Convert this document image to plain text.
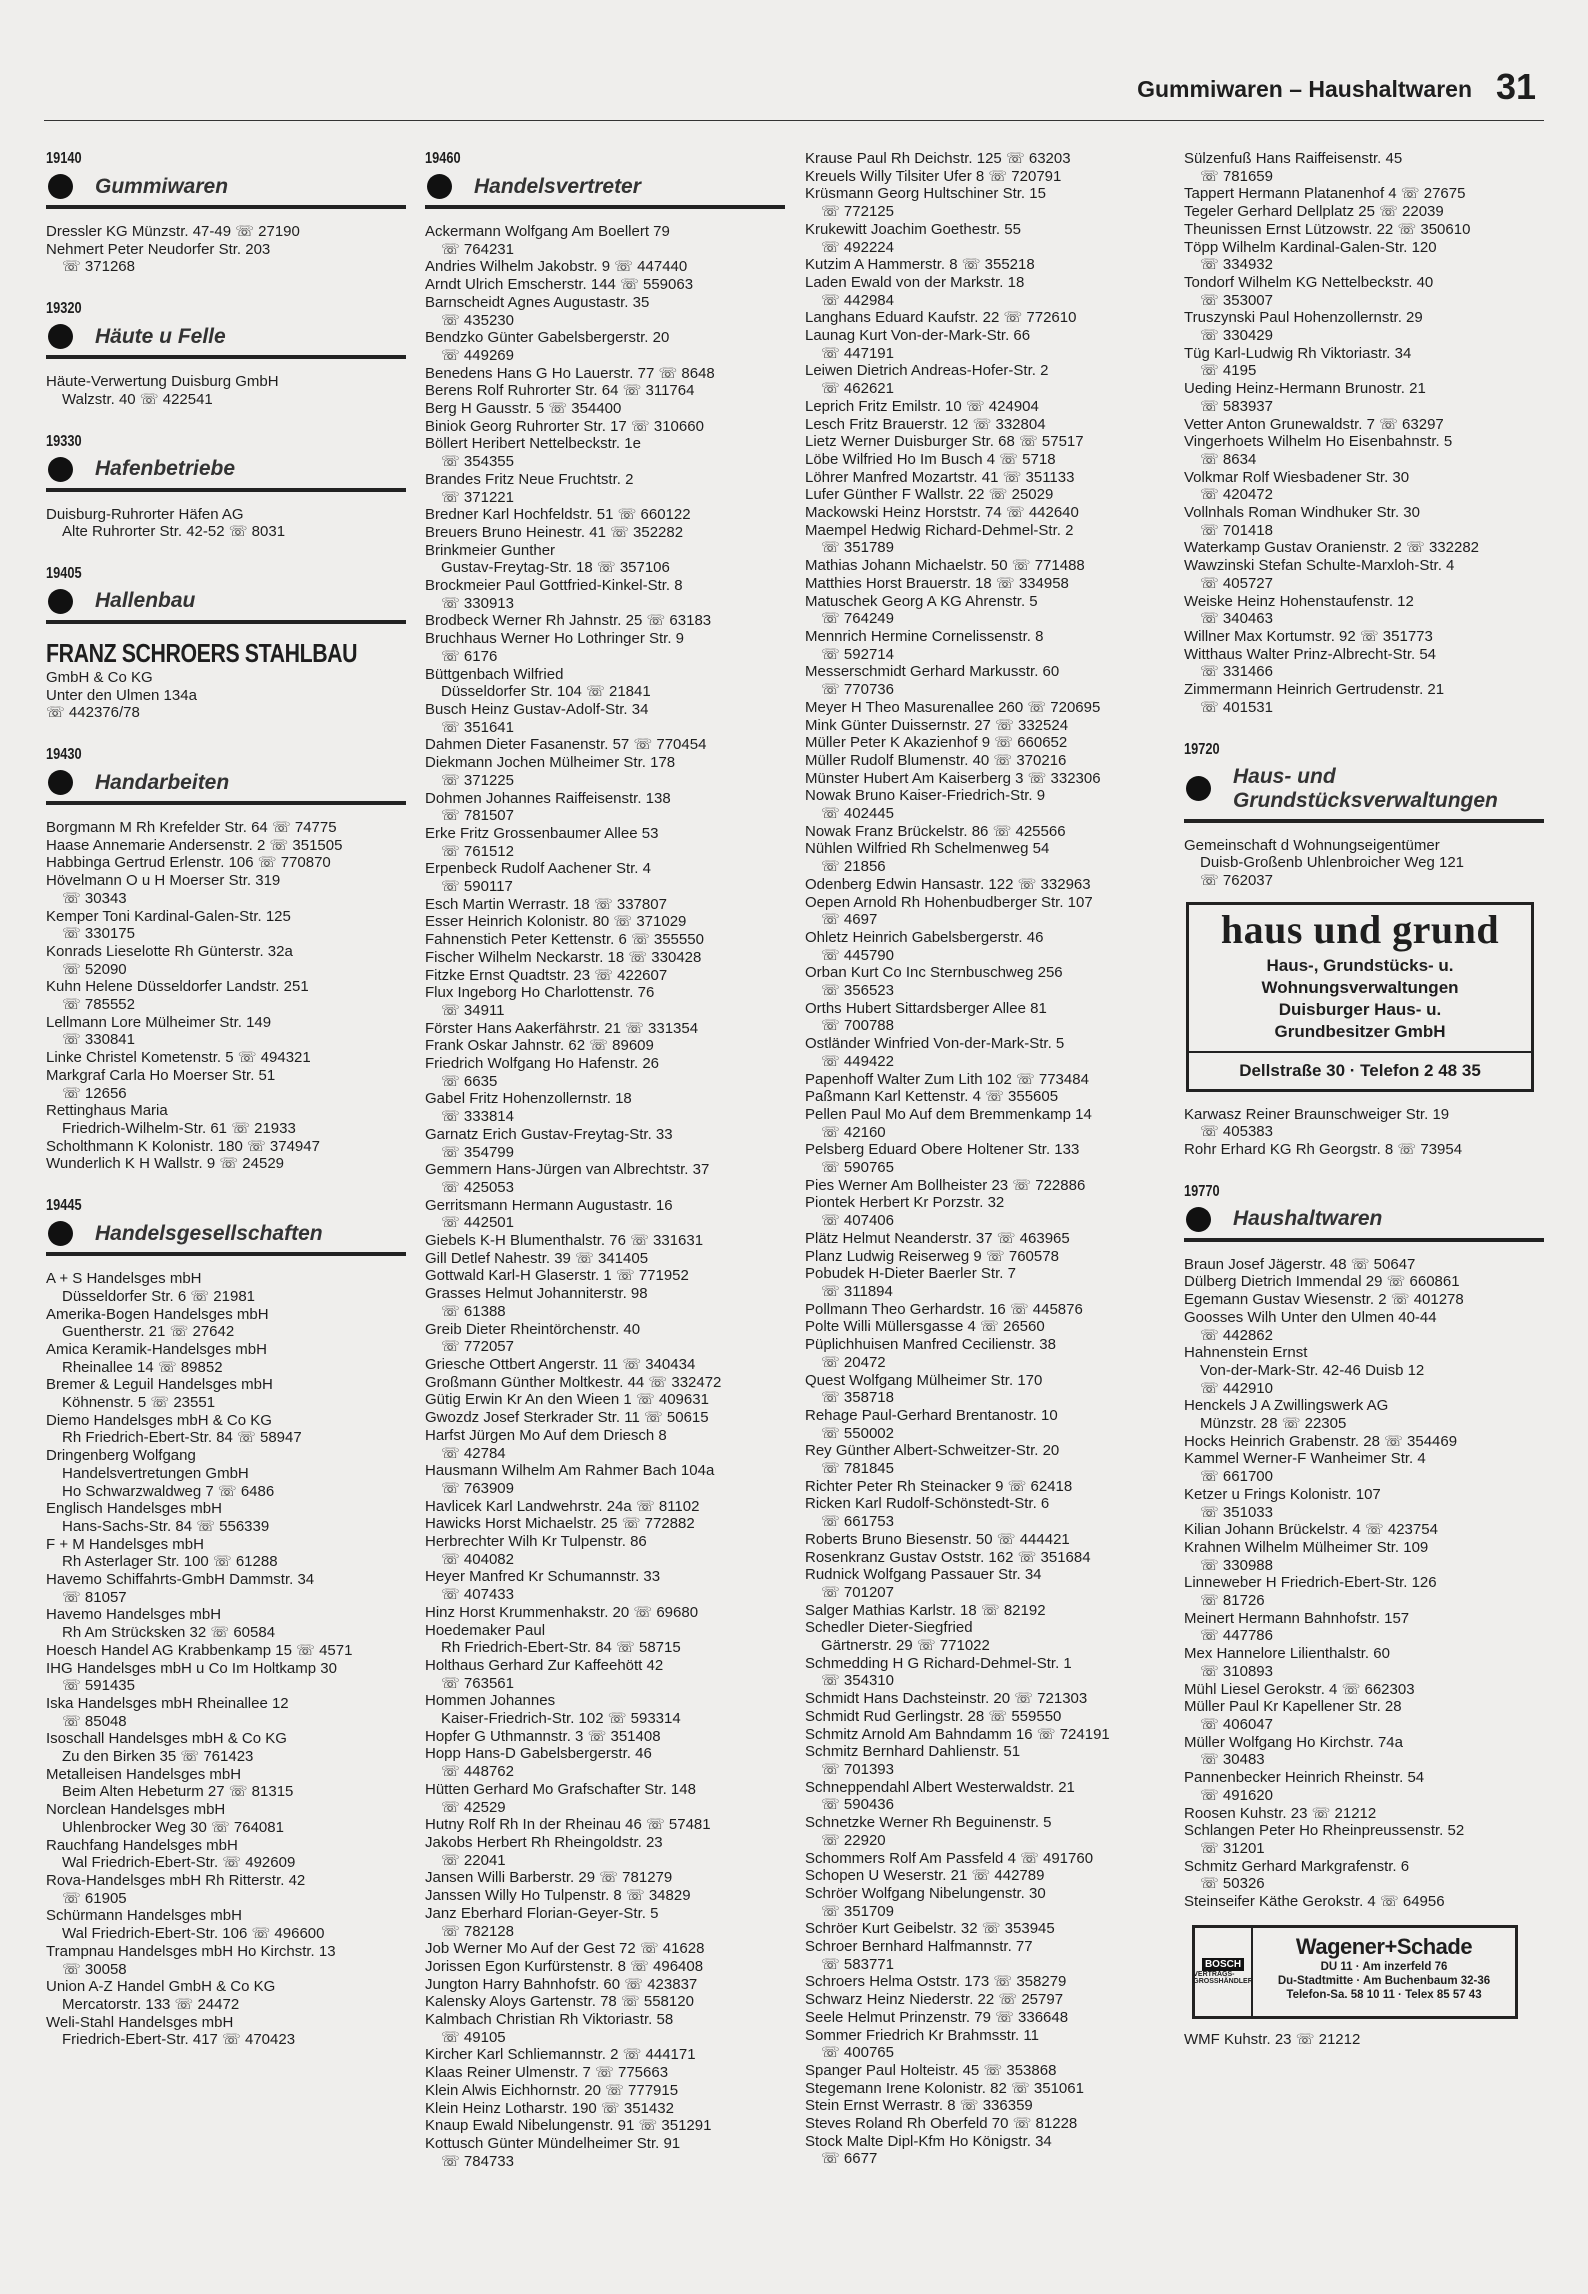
Gummiwaren – Haushaltwaren 31
19140
Gummiwaren
Dressler KG Münzstr. 47-49 ☏ 27190
Nehmert Peter Neudorfer Str. 203
☏ 371268
19320
Häute u Felle
Häute-Verwertung Duisburg GmbH
Walzstr. 40 ☏ 422541
19330
Hafenbetriebe
Duisburg-Ruhrorter Häfen AG
Alte Ruhrorter Str. 42-52 ☏ 8031
19405
Hallenbau
FRANZ SCHROERS STAHLBAU
GmbH & Co KG
Unter den Ulmen 134a
☏ 442376/78
19430
Handarbeiten
Borgmann M Rh Krefelder Str. 64 ☏ 74775
Haase Annemarie Andersenstr. 2 ☏ 351505
Habbinga Gertrud Erlenstr. 106 ☏ 770870
Hövelmann O u H Moerser Str. 319
☏ 30343
Kemper Toni Kardinal-Galen-Str. 125
☏ 330175
Konrads Lieselotte Rh Günterstr. 32a
☏ 52090
Kuhn Helene Düsseldorfer Landstr. 251
☏ 785552
Lellmann Lore Mülheimer Str. 149
☏ 330841
Linke Christel Kometenstr. 5 ☏ 494321
Markgraf Carla Ho Moerser Str. 51
☏ 12656
Rettinghaus Maria
Friedrich-Wilhelm-Str. 61 ☏ 21933
Scholthmann K Kolonistr. 180 ☏ 374947
Wunderlich K H Wallstr. 9 ☏ 24529
19445
Handelsgesellschaften
A + S Handelsges mbH
Düsseldorfer Str. 6 ☏ 21981
Amerika-Bogen Handelsges mbH
Guentherstr. 21 ☏ 27642
Amica Keramik-Handelsges mbH
Rheinallee 14 ☏ 89852
Bremer & Leguil Handelsges mbH
Köhnenstr. 5 ☏ 23551
Diemo Handelsges mbH & Co KG
Rh Friedrich-Ebert-Str. 84 ☏ 58947
Dringenberg Wolfgang
Handelsvertretungen GmbH
Ho Schwarzwaldweg 7 ☏ 6486
Englisch Handelsges mbH
Hans-Sachs-Str. 84 ☏ 556339
F + M Handelsges mbH
Rh Asterlager Str. 100 ☏ 61288
Havemo Schiffahrts-GmbH Dammstr. 34
☏ 81057
Havemo Handelsges mbH
Rh Am Strücksken 32 ☏ 60584
Hoesch Handel AG Krabbenkamp 15 ☏ 4571
IHG Handelsges mbH u Co Im Holtkamp 30
☏ 591435
Iska Handelsges mbH Rheinallee 12
☏ 85048
Isoschall Handelsges mbH & Co KG
Zu den Birken 35 ☏ 761423
Metalleisen Handelsges mbH
Beim Alten Hebeturm 27 ☏ 81315
Norclean Handelsges mbH
Uhlenbrocker Weg 30 ☏ 764081
Rauchfang Handelsges mbH
Wal Friedrich-Ebert-Str. ☏ 492609
Rova-Handelsges mbH Rh Ritterstr. 42
☏ 61905
Schürmann Handelsges mbH
Wal Friedrich-Ebert-Str. 106 ☏ 496600
Trampnau Handelsges mbH Ho Kirchstr. 13
☏ 30058
Union A-Z Handel GmbH & Co KG
Mercatorstr. 133 ☏ 24472
Weli-Stahl Handelsges mbH
Friedrich-Ebert-Str. 417 ☏ 470423
19460
Handelsvertreter
Ackermann Wolfgang Am Boellert 79
☏ 764231
Andries Wilhelm Jakobstr. 9 ☏ 447440
Arndt Ulrich Emscherstr. 144 ☏ 559063
Barnscheidt Agnes Augustastr. 35
☏ 435230
Bendzko Günter Gabelsbergerstr. 20
☏ 449269
Benedens Hans G Ho Lauerstr. 77 ☏ 8648
Berens Rolf Ruhrorter Str. 64 ☏ 311764
Berg H Gausstr. 5 ☏ 354400
Biniok Georg Ruhrorter Str. 17 ☏ 310660
Böllert Heribert Nettelbeckstr. 1e
☏ 354355
Brandes Fritz Neue Fruchtstr. 2
☏ 371221
Bredner Karl Hochfeldstr. 51 ☏ 660122
Breuers Bruno Heinestr. 41 ☏ 352282
Brinkmeier Gunther
Gustav-Freytag-Str. 18 ☏ 357106
Brockmeier Paul Gottfried-Kinkel-Str. 8
☏ 330913
Brodbeck Werner Rh Jahnstr. 25 ☏ 63183
Bruchhaus Werner Ho Lothringer Str. 9
☏ 6176
Büttgenbach Wilfried
Düsseldorfer Str. 104 ☏ 21841
Busch Heinz Gustav-Adolf-Str. 34
☏ 351641
Dahmen Dieter Fasanenstr. 57 ☏ 770454
Diekmann Jochen Mülheimer Str. 178
☏ 371225
Dohmen Johannes Raiffeisenstr. 138
☏ 781507
Erke Fritz Grossenbaumer Allee 53
☏ 761512
Erpenbeck Rudolf Aachener Str. 4
☏ 590117
Esch Martin Werrastr. 18 ☏ 337807
Esser Heinrich Kolonistr. 80 ☏ 371029
Fahnenstich Peter Kettenstr. 6 ☏ 355550
Fischer Wilhelm Neckarstr. 18 ☏ 330428
Fitzke Ernst Quadtstr. 23 ☏ 422607
Flux Ingeborg Ho Charlottenstr. 76
☏ 34911
Förster Hans Aakerfährstr. 21 ☏ 331354
Frank Oskar Jahnstr. 62 ☏ 89609
Friedrich Wolfgang Ho Hafenstr. 26
☏ 6635
Gabel Fritz Hohenzollernstr. 18
☏ 333814
Garnatz Erich Gustav-Freytag-Str. 33
☏ 354799
Gemmern Hans-Jürgen van Albrechtstr. 37
☏ 425053
Gerritsmann Hermann Augustastr. 16
☏ 442501
Giebels K-H Blumenthalstr. 76 ☏ 331631
Gill Detlef Nahestr. 39 ☏ 341405
Gottwald Karl-H Glaserstr. 1 ☏ 771952
Grasses Helmut Johanniterstr. 98
☏ 61388
Greib Dieter Rheintörchenstr. 40
☏ 772057
Griesche Ottbert Angerstr. 11 ☏ 340434
Großmann Günther Moltkestr. 44 ☏ 332472
Gütig Erwin Kr An den Wieen 1 ☏ 409631
Gwozdz Josef Sterkrader Str. 11 ☏ 50615
Harfst Jürgen Mo Auf dem Driesch 8
☏ 42784
Hausmann Wilhelm Am Rahmer Bach 104a
☏ 763909
Havlicek Karl Landwehrstr. 24a ☏ 81102
Hawicks Horst Michaelstr. 25 ☏ 772882
Herbrechter Wilh Kr Tulpenstr. 86
☏ 404082
Heyer Manfred Kr Schumannstr. 33
☏ 407433
Hinz Horst Krummenhakstr. 20 ☏ 69680
Hoedemaker Paul
Rh Friedrich-Ebert-Str. 84 ☏ 58715
Holthaus Gerhard Zur Kaffeehött 42
☏ 763561
Hommen Johannes
Kaiser-Friedrich-Str. 102 ☏ 593314
Hopfer G Uthmannstr. 3 ☏ 351408
Hopp Hans-D Gabelsbergerstr. 46
☏ 448762
Hütten Gerhard Mo Grafschafter Str. 148
☏ 42529
Hutny Rolf Rh In der Rheinau 46 ☏ 57481
Jakobs Herbert Rh Rheingoldstr. 23
☏ 22041
Jansen Willi Barberstr. 29 ☏ 781279
Janssen Willy Ho Tulpenstr. 8 ☏ 34829
Janz Eberhard Florian-Geyer-Str. 5
☏ 782128
Job Werner Mo Auf der Gest 72 ☏ 41628
Jorissen Egon Kurfürstenstr. 8 ☏ 496408
Jungton Harry Bahnhofstr. 60 ☏ 423837
Kalensky Aloys Gartenstr. 78 ☏ 558120
Kalmbach Christian Rh Viktoriastr. 58
☏ 49105
Kircher Karl Schliemannstr. 2 ☏ 444171
Klaas Reiner Ulmenstr. 7 ☏ 775663
Klein Alwis Eichhornstr. 20 ☏ 777915
Klein Heinz Lotharstr. 190 ☏ 351432
Knaup Ewald Nibelungenstr. 91 ☏ 351291
Kottusch Günter Mündelheimer Str. 91
☏ 784733
Krause Paul Rh Deichstr. 125 ☏ 63203
Kreuels Willy Tilsiter Ufer 8 ☏ 720791
Krüsmann Georg Hultschiner Str. 15
☏ 772125
Krukewitt Joachim Goethestr. 55
☏ 492224
Kutzim A Hammerstr. 8 ☏ 355218
Laden Ewald von der Markstr. 18
☏ 442984
Langhans Eduard Kaufstr. 22 ☏ 772610
Launag Kurt Von-der-Mark-Str. 66
☏ 447191
Leiwen Dietrich Andreas-Hofer-Str. 2
☏ 462621
Leprich Fritz Emilstr. 10 ☏ 424904
Lesch Fritz Brauerstr. 12 ☏ 332804
Lietz Werner Duisburger Str. 68 ☏ 57517
Löbe Wilfried Ho Im Busch 4 ☏ 5718
Löhrer Manfred Mozartstr. 41 ☏ 351133
Lufer Günther F Wallstr. 22 ☏ 25029
Mackowski Heinz Horststr. 74 ☏ 442640
Maempel Hedwig Richard-Dehmel-Str. 2
☏ 351789
Mathias Johann Michaelstr. 50 ☏ 771488
Matthies Horst Brauerstr. 18 ☏ 334958
Matuschek Georg A KG Ahrenstr. 5
☏ 764249
Mennrich Hermine Cornelissenstr. 8
☏ 592714
Messerschmidt Gerhard Markusstr. 60
☏ 770736
Meyer H Theo Masurenallee 260 ☏ 720695
Mink Günter Duissernstr. 27 ☏ 332524
Müller Peter K Akazienhof 9 ☏ 660652
Müller Rudolf Blumenstr. 40 ☏ 370216
Münster Hubert Am Kaiserberg 3 ☏ 332306
Nowak Bruno Kaiser-Friedrich-Str. 9
☏ 402445
Nowak Franz Brückelstr. 86 ☏ 425566
Nühlen Wilfried Rh Schelmenweg 54
☏ 21856
Odenberg Edwin Hansastr. 122 ☏ 332963
Oepen Arnold Rh Hohenbudberger Str. 107
☏ 4697
Ohletz Heinrich Gabelsbergerstr. 46
☏ 445790
Orban Kurt Co Inc Sternbuschweg 256
☏ 356523
Orths Hubert Sittardsberger Allee 81
☏ 700788
Ostländer Winfried Von-der-Mark-Str. 5
☏ 449422
Papenhoff Walter Zum Lith 102 ☏ 773484
Paßmann Karl Kettenstr. 4 ☏ 355605
Pellen Paul Mo Auf dem Bremmenkamp 14
☏ 42160
Pelsberg Eduard Obere Holtener Str. 133
☏ 590765
Pies Werner Am Bollheister 23 ☏ 722886
Piontek Herbert Kr Porzstr. 32
☏ 407406
Plätz Helmut Neanderstr. 37 ☏ 463965
Planz Ludwig Reiserweg 9 ☏ 760578
Pobudek H-Dieter Baerler Str. 7
☏ 311894
Pollmann Theo Gerhardstr. 16 ☏ 445876
Polte Willi Müllersgasse 4 ☏ 26560
Püplichhuisen Manfred Cecilienstr. 38
☏ 20472
Quest Wolfgang Mülheimer Str. 170
☏ 358718
Rehage Paul-Gerhard Brentanostr. 10
☏ 550002
Rey Günther Albert-Schweitzer-Str. 20
☏ 781845
Richter Peter Rh Steinacker 9 ☏ 62418
Ricken Karl Rudolf-Schönstedt-Str. 6
☏ 661753
Roberts Bruno Biesenstr. 50 ☏ 444421
Rosenkranz Gustav Oststr. 162 ☏ 351684
Rudnick Wolfgang Passauer Str. 34
☏ 701207
Salger Mathias Karlstr. 18 ☏ 82192
Schedler Dieter-Siegfried
Gärtnerstr. 29 ☏ 771022
Schmedding H G Richard-Dehmel-Str. 1
☏ 354310
Schmidt Hans Dachsteinstr. 20 ☏ 721303
Schmidt Rud Gerlingstr. 28 ☏ 559550
Schmitz Arnold Am Bahndamm 16 ☏ 724191
Schmitz Bernhard Dahlienstr. 51
☏ 701393
Schneppendahl Albert Westerwaldstr. 21
☏ 590436
Schnetzke Werner Rh Beguinenstr. 5
☏ 22920
Schommers Rolf Am Passfeld 4 ☏ 491760
Schopen U Weserstr. 21 ☏ 442789
Schröer Wolfgang Nibelungenstr. 30
☏ 351709
Schröer Kurt Geibelstr. 32 ☏ 353945
Schroer Bernhard Halfmannstr. 77
☏ 583771
Schroers Helma Oststr. 173 ☏ 358279
Schwarz Heinz Niederstr. 22 ☏ 25797
Seele Helmut Prinzenstr. 79 ☏ 336648
Sommer Friedrich Kr Brahmsstr. 11
☏ 400765
Spanger Paul Holteistr. 45 ☏ 353868
Stegemann Irene Kolonistr. 82 ☏ 351061
Stein Ernst Werrastr. 8 ☏ 336359
Steves Roland Rh Oberfeld 70 ☏ 81228
Stock Malte Dipl-Kfm Ho Königstr. 34
☏ 6677
Sülzenfuß Hans Raiffeisenstr. 45
☏ 781659
Tappert Hermann Platanenhof 4 ☏ 27675
Tegeler Gerhard Dellplatz 25 ☏ 22039
Theunissen Ernst Lützowstr. 22 ☏ 350610
Töpp Wilhelm Kardinal-Galen-Str. 120
☏ 334932
Tondorf Wilhelm KG Nettelbeckstr. 40
☏ 353007
Truszynski Paul Hohenzollernstr. 29
☏ 330429
Tüg Karl-Ludwig Rh Viktoriastr. 34
☏ 4195
Ueding Heinz-Hermann Brunostr. 21
☏ 583937
Vetter Anton Grunewaldstr. 7 ☏ 63297
Vingerhoets Wilhelm Ho Eisenbahnstr. 5
☏ 8634
Volkmar Rolf Wiesbadener Str. 30
☏ 420472
Vollnhals Roman Windhuker Str. 30
☏ 701418
Waterkamp Gustav Oranienstr. 2 ☏ 332282
Wawzinski Stefan Schulte-Marxloh-Str. 4
☏ 405727
Weiske Heinz Hohenstaufenstr. 12
☏ 340463
Willner Max Kortumstr. 92 ☏ 351773
Witthaus Walter Prinz-Albrecht-Str. 54
☏ 331466
Zimmermann Heinrich Gertrudenstr. 21
☏ 401531
19720
Haus- und Grundstücksverwaltungen
Gemeinschaft d Wohnungseigentümer
Duisb-Großenb Uhlenbroicher Weg 121
☏ 762037
haus und grund
Haus-, Grundstücks- u.
Wohnungsverwaltungen
Duisburger Haus- u.
Grundbesitzer GmbH
Dellstraße 30 · Telefon 2 48 35
Karwasz Reiner Braunschweiger Str. 19
☏ 405383
Rohr Erhard KG Rh Georgstr. 8 ☏ 73954
19770
Haushaltwaren
Braun Josef Jägerstr. 48 ☏ 50647
Dülberg Dietrich Immendal 29 ☏ 660861
Egemann Gustav Wiesenstr. 2 ☏ 401278
Goosses Wilh Unter den Ulmen 40-44
☏ 442862
Hahnenstein Ernst
Von-der-Mark-Str. 42-46 Duisb 12
☏ 442910
Henckels J A Zwillingswerk AG
Münzstr. 28 ☏ 22305
Hocks Heinrich Grabenstr. 28 ☏ 354469
Kammel Werner-F Wanheimer Str. 4
☏ 661700
Ketzer u Frings Kolonistr. 107
☏ 351033
Kilian Johann Brückelstr. 4 ☏ 423754
Krahnen Wilhelm Mülheimer Str. 109
☏ 330988
Linneweber H Friedrich-Ebert-Str. 126
☏ 81726
Meinert Hermann Bahnhofstr. 157
☏ 447786
Mex Hannelore Lilienthalstr. 60
☏ 310893
Mühl Liesel Gerokstr. 4 ☏ 662303
Müller Paul Kr Kapellener Str. 28
☏ 406047
Müller Wolfgang Ho Kirchstr. 74a
☏ 30483
Pannenbecker Heinrich Rheinstr. 54
☏ 491620
Roosen Kuhstr. 23 ☏ 21212
Schlangen Peter Ho Rheinpreussenstr. 52
☏ 31201
Schmitz Gerhard Markgrafenstr. 6
☏ 50326
Steinseifer Käthe Gerokstr. 4 ☏ 64956
BOSCH
VERTRAGS-GROSSHÄNDLER
Wagener+Schade
DU 11 · Am inzerfeld 76
Du-Stadtmitte · Am Buchenbaum 32-36
Telefon-Sa. 58 10 11 · Telex 85 57 43
WMF Kuhstr. 23 ☏ 21212
